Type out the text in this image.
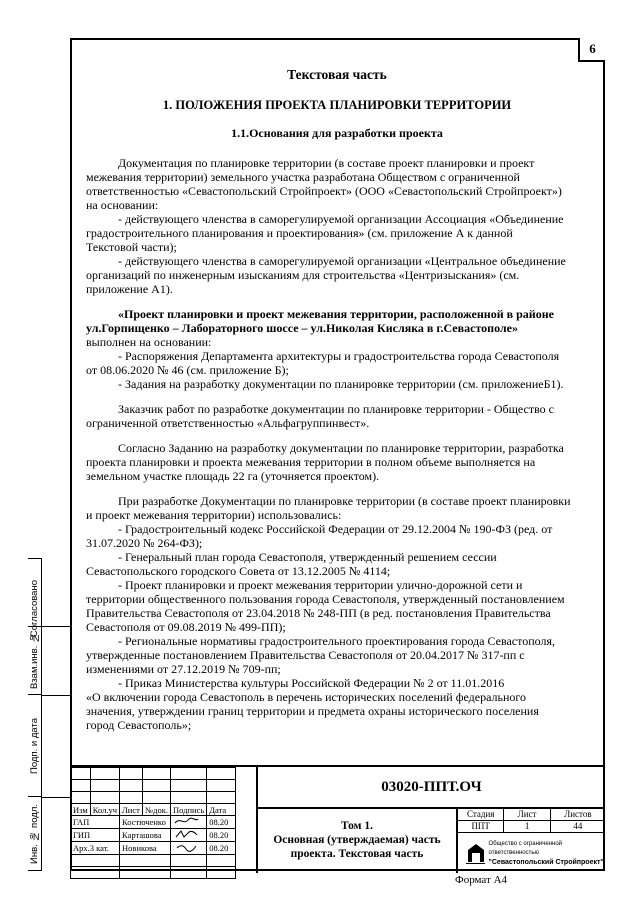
6
Текстовая часть
1. ПОЛОЖЕНИЯ ПРОЕКТА ПЛАНИРОВКИ ТЕРРИТОРИИ
1.1.Основания для разработки проекта
Документация по планировке территории (в составе проект планировки и проект
межевания территории) земельного участка разработана Обществом с ограниченной
ответственностью «Севастопольский Стройпроект» (ООО «Севастопольский Стройпроект»)
на основании:
- действующего членства в саморегулируемой организации Ассоциация «Объединение
градостроительного планирования и проектирования» (см. приложение А к данной
Текстовой части);
- действующего членства в саморегулируемой организации «Центральное объединение
организаций по инженерным изысканиям для строительства «Центризыскания» (см.
приложение А1).
«Проект планировки и проект межевания территории, расположенной в районе
ул.Горпищенко – Лабораторного шоссе – ул.Николая Кисляка в г.Севастополе»
выполнен на основании:
- Распоряжения Департамента архитектуры и градостроительства города Севастополя
от 08.06.2020 № 46 (см. приложение Б);
- Задания на разработку документации по планировке территории (см. приложениеБ1).
Заказчик работ по разработке документации по планировке территории - Общество с
ограниченной ответственностью «Альфагруппинвест».
Согласно Заданию на разработку документации по планировке территории, разработка
проекта планировки и проекта межевания территории в полном объеме выполняется на
земельном участке площадь 22 га (уточняется проектом).
При разработке Документации по планировке территории (в составе проект планировки
и проект межевания территории) использовались:
- Градостроительный кодекс Российской Федерации от 29.12.2004 № 190-ФЗ (ред. от
31.07.2020 № 264-ФЗ);
- Генеральный план города Севастополя, утвержденный решением сессии
Севастопольского городского Совета от 13.12.2005 № 4114;
- Проект планировки и проект межевания территории улично-дорожной сети и
территории общественного пользования города Севастополя, утвержденный постановлением
Правительства Севастополя от 23.04.2018 № 248-ПП (в ред. постановления Правительства
Севастополя от 09.08.2019 № 499-ПП);
- Региональные нормативы градостроительного проектирования города Севастополя,
утвержденные постановлением Правительства Севастополя от 20.04.2017 № 317-пп с
изменениями от 27.12.2019 № 709-пп;
- Приказ Министерства культуры Российской Федерации № 2 от 11.01.2016
«О включении города Севастополь в перечень исторических поселений федерального
значения, утверждении границ территории и предмета охраны исторического поселения
город Севастополь»;
Согласовано
Взам.инв. №
Подп. и дата
Инв. № подл.

						Изм	Кол.уч	Лист	№док.	Подпись	Дата
ГАП		Костюченко			08.20
ГИП		Карташова			08.20
Арх.3 кат.		Новикова			08.20

03020-ППТ.ОЧ
Том 1.
Основная (утверждаемая) часть
проекта. Текстовая часть
Стадия	Лист	Листов
ППТ	1	44
Общество с ограниченной ответственностью
"Севастопольский Стройпроект"
Формат А4
